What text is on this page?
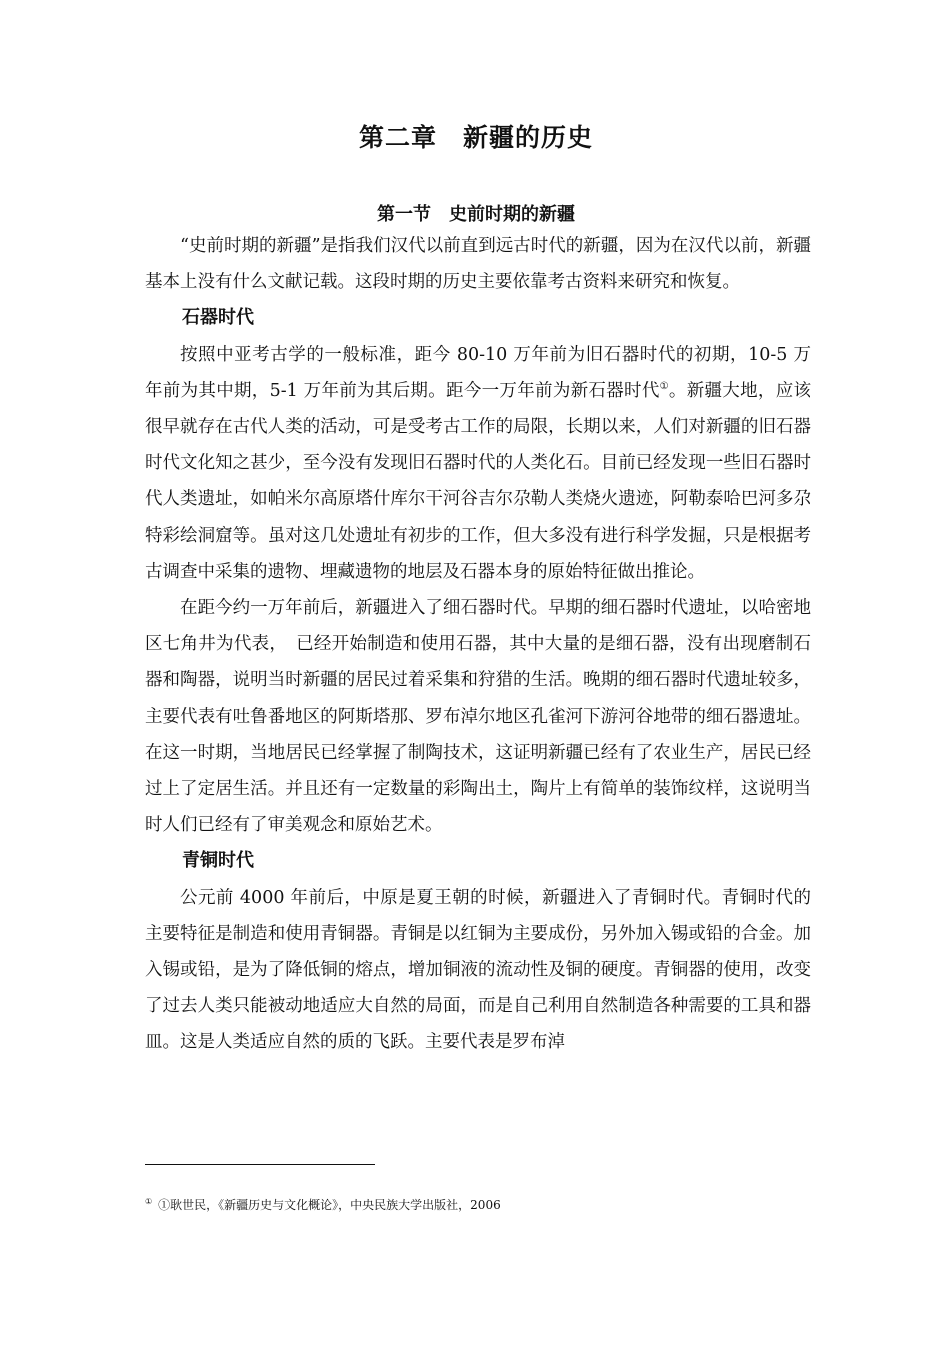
第二章　新疆的历史
第一节　史前时期的新疆

“史前时期的新疆”是指我们汉代以前直到远古时代的新疆，因为在汉代以前，新疆基本上没有什么文献记载。这段时期的历史主要依靠考古资料来研究和恢复。

石器时代

按照中亚考古学的一般标准，距今 80-10 万年前为旧石器时代的初期，10-5 万年前为其中期，5-1 万年前为其后期。距今一万年前为新石器时代①。新疆大地，应该很早就存在古代人类的活动，可是受考古工作的局限，长期以来，人们对新疆的旧石器时代文化知之甚少，至今没有发现旧石器时代的人类化石。目前已经发现一些旧石器时代人类遗址，如帕米尔高原塔什库尔干河谷吉尔尕勒人类烧火遗迹，阿勒泰哈巴河多尕特彩绘洞窟等。虽对这几处遗址有初步的工作，但大多没有进行科学发掘，只是根据考古调查中采集的遗物、埋藏遗物的地层及石器本身的原始特征做出推论。

在距今约一万年前后，新疆进入了细石器时代。早期的细石器时代遗址，以哈密地区七角井为代表，　已经开始制造和使用石器，其中大量的是细石器，没有出现磨制石器和陶器，说明当时新疆的居民过着采集和狩猎的生活。晚期的细石器时代遗址较多，主要代表有吐鲁番地区的阿斯塔那、罗布淖尔地区孔雀河下游河谷地带的细石器遗址。在这一时期，当地居民已经掌握了制陶技术，这证明新疆已经有了农业生产，居民已经过上了定居生活。并且还有一定数量的彩陶出土，陶片上有简单的装饰纹样，这说明当时人们已经有了审美观念和原始艺术。

青铜时代

公元前 4000 年前后，中原是夏王朝的时候，新疆进入了青铜时代。青铜时代的主要特征是制造和使用青铜器。青铜是以红铜为主要成份，另外加入锡或铅的合金。加入锡或铅，是为了降低铜的熔点，增加铜液的流动性及铜的硬度。青铜器的使用，改变了过去人类只能被动地适应大自然的局面，而是自己利用自然制造各种需要的工具和器皿。这是人类适应自然的质的飞跃。主要代表是罗布淖

① ①耿世民，《新疆历史与文化概论》，中央民族大学出版社，2006
